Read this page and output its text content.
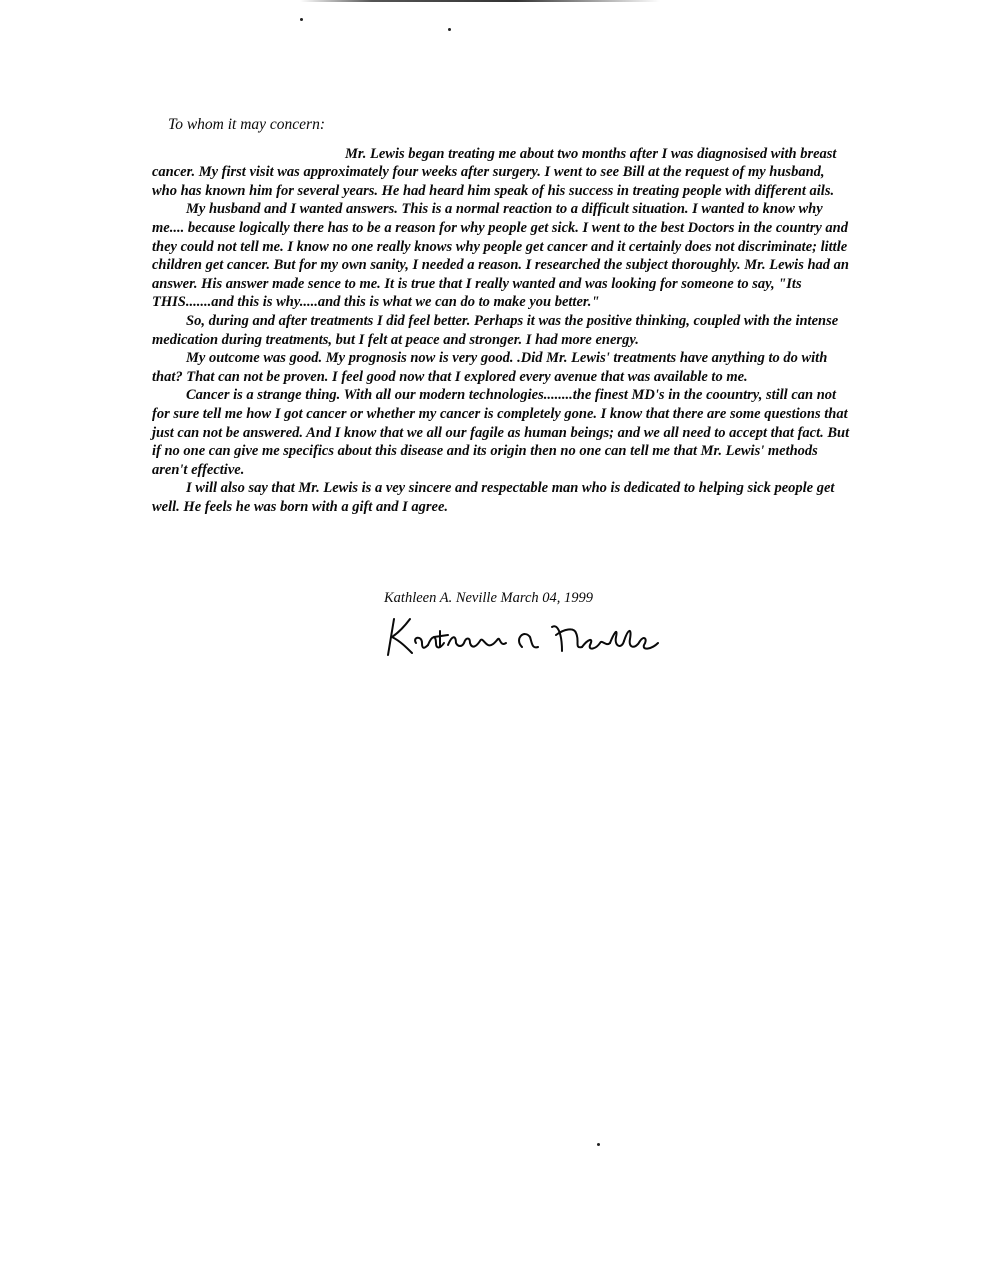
To whom it may concern:

Mr. Lewis began treating me about two months after I was diagnosised with breast cancer. My first visit was approximately four weeks after surgery. I went to see Bill at the request of my husband, who has known him for several years. He had heard him speak of his success in treating people with different ails.

My husband and I wanted answers. This is a normal reaction to a difficult situation. I wanted to know why me.... because logically there has to be a reason for why people get sick. I went to the best Doctors in the country and they could not tell me. I know no one really knows why people get cancer and it certainly does not discriminate; little children get cancer. But for my own sanity, I needed a reason. I researched the subject thoroughly. Mr. Lewis had an answer. His answer made sence to me. It is true that I really wanted and was looking for someone to say, "Its THIS.......and this is why.....and this is what we can do to make you better."

So, during and after treatments I did feel better. Perhaps it was the positive thinking, coupled with the intense medication during treatments, but I felt at peace and stronger. I had more energy.

My outcome was good. My prognosis now is very good. .Did Mr. Lewis' treatments have anything to do with that? That can not be proven. I feel good now that I explored every avenue that was available to me.

Cancer is a strange thing. With all our modern technologies........the finest MD's in the coountry, still can not for sure tell me how I got cancer or whether my cancer is completely gone. I know that there are some questions that just can not be answered. And I know that we all our fagile as human beings; and we all need to accept that fact. But if no one can give me specifics about this disease and its origin then no one can tell me that Mr. Lewis' methods aren't effective.

I will also say that Mr. Lewis is a vey sincere and respectable man who is dedicated to helping sick people get well. He feels he was born with a gift and I agree.

Kathleen A. Neville March 04, 1999
